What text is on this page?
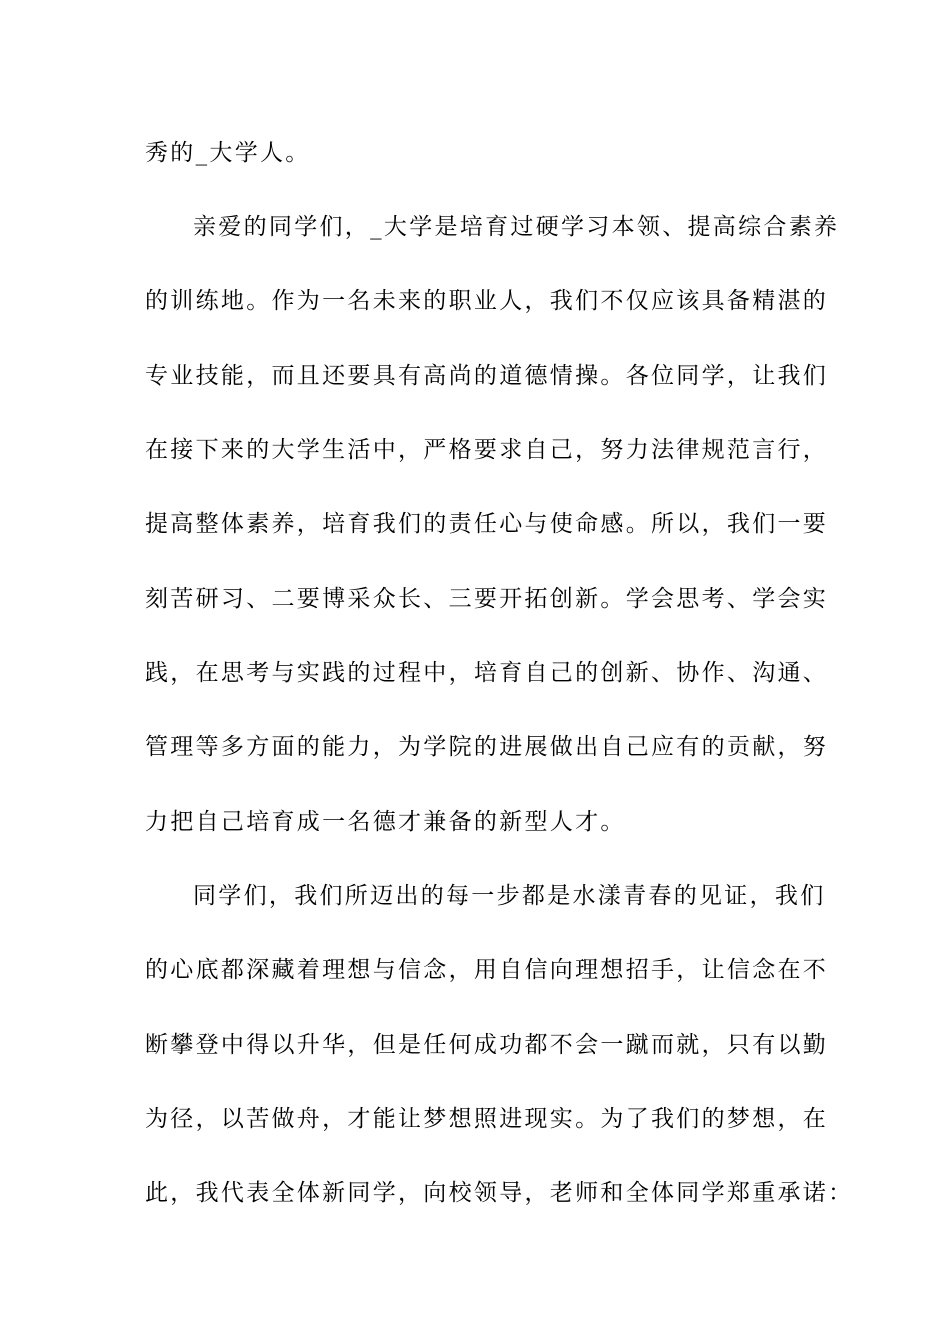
秀的_大学人。
亲爱的同学们，_大学是培育过硬学习本领、提高综合素养
的训练地。作为一名未来的职业人，我们不仅应该具备精湛的
专业技能，而且还要具有高尚的道德情操。各位同学，让我们
在接下来的大学生活中，严格要求自己，努力法律规范言行，
提高整体素养，培育我们的责任心与使命感。所以，我们一要
刻苦研习、二要博采众长、三要开拓创新。学会思考、学会实
践，在思考与实践的过程中，培育自己的创新、协作、沟通、
管理等多方面的能力，为学院的进展做出自己应有的贡献，努
力把自己培育成一名德才兼备的新型人才。
同学们，我们所迈出的每一步都是水漾青春的见证，我们
的心底都深藏着理想与信念，用自信向理想招手，让信念在不
断攀登中得以升华，但是任何成功都不会一蹴而就，只有以勤
为径，以苦做舟，才能让梦想照进现实。为了我们的梦想，在
此，我代表全体新同学，向校领导，老师和全体同学郑重承诺：
